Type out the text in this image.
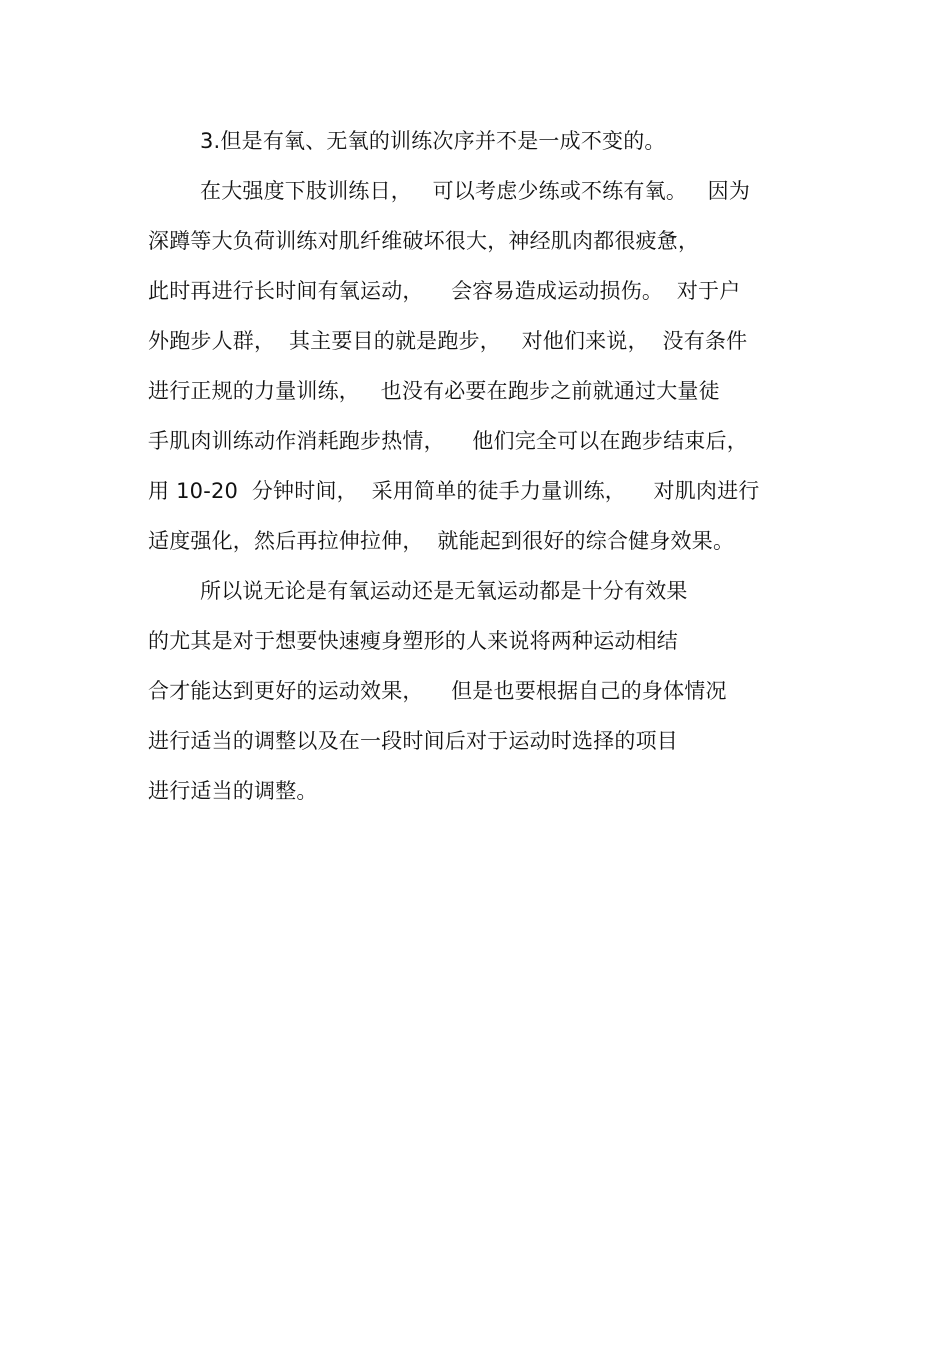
3.但是有氧、无氧的训练次序并不是一成不变的。
在大强度下肢训练日，   可以考虑少练或不练有氧。   因为
深蹲等大负荷训练对肌纤维破坏很大，神经肌肉都很疲惫，
此时再进行长时间有氧运动，    会容易造成运动损伤。  对于户
外跑步人群，  其主要目的就是跑步，   对他们来说，  没有条件
进行正规的力量训练，   也没有必要在跑步之前就通过大量徒
手肌肉训练动作消耗跑步热情，    他们完全可以在跑步结束后，
用 10-20  分钟时间，  采用简单的徒手力量训练，    对肌肉进行
适度强化，然后再拉伸拉伸，  就能起到很好的综合健身效果。
所以说无论是有氧运动还是无氧运动都是十分有效果
的尤其是对于想要快速瘦身塑形的人来说将两种运动相结
合才能达到更好的运动效果，    但是也要根据自己的身体情况
进行适当的调整以及在一段时间后对于运动时选择的项目
进行适当的调整。
